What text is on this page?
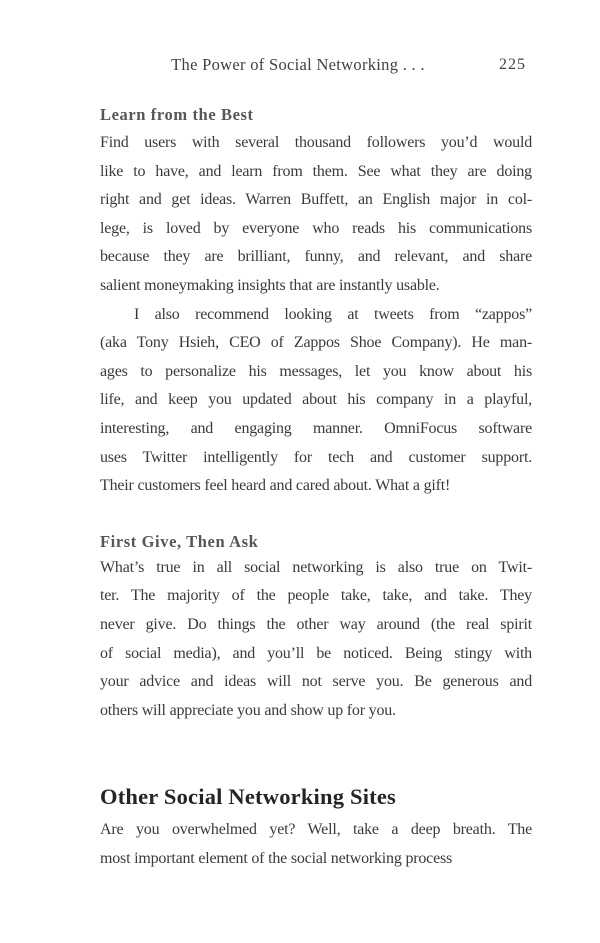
The Power of Social Networking . . .	225
Learn from the Best
Find users with several thousand followers you’d would
like to have, and learn from them. See what they are doing
right and get ideas. Warren Buffett, an English major in col-
lege, is loved by everyone who reads his communications
because they are brilliant, funny, and relevant, and share
salient moneymaking insights that are instantly usable.
I also recommend looking at tweets from “zappos”
(aka Tony Hsieh, CEO of Zappos Shoe Company). He man-
ages to personalize his messages, let you know about his
life, and keep you updated about his company in a playful,
interesting, and engaging manner. OmniFocus software
uses Twitter intelligently for tech and customer support.
Their customers feel heard and cared about. What a gift!
First Give, Then Ask
What’s true in all social networking is also true on Twit-
ter. The majority of the people take, take, and take. They
never give. Do things the other way around (the real spirit
of social media), and you’ll be noticed. Being stingy with
your advice and ideas will not serve you. Be generous and
others will appreciate you and show up for you.
Other Social Networking Sites
Are you overwhelmed yet? Well, take a deep breath. The
most important element of the social networking process
